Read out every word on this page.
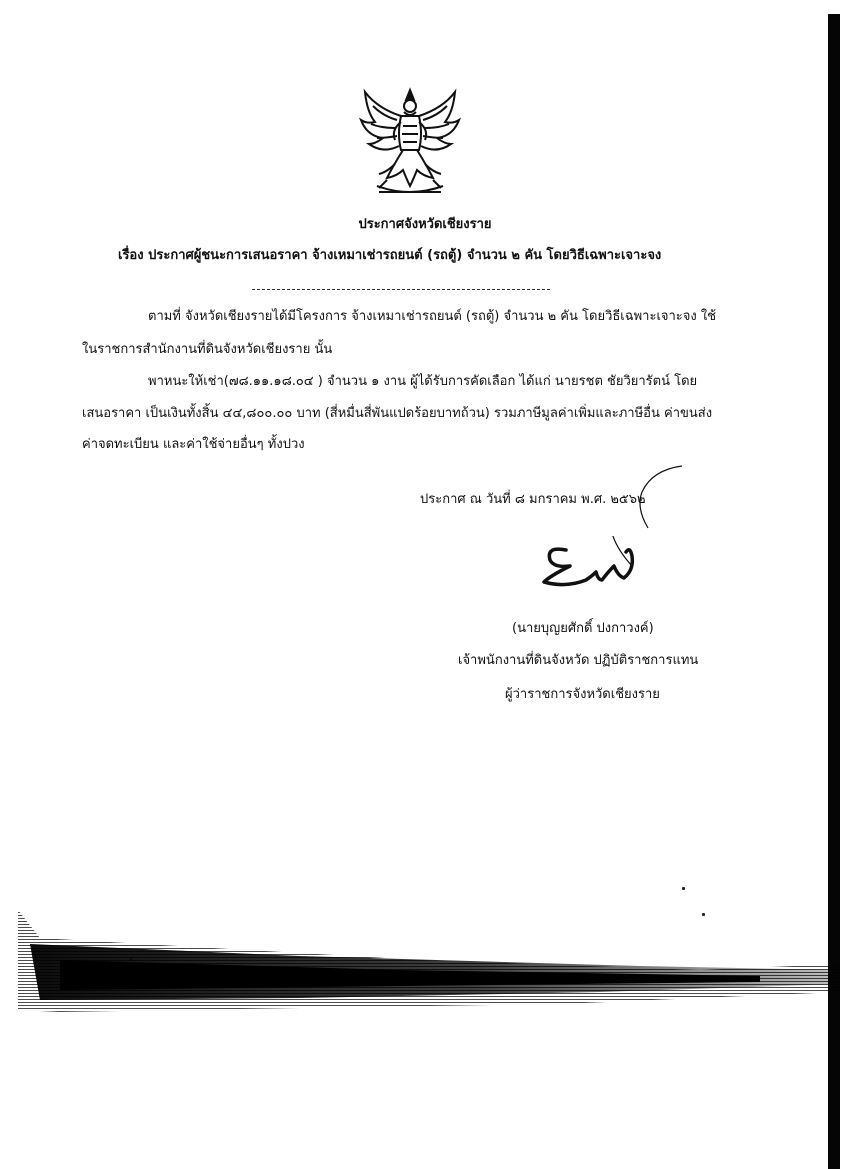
ประกาศจังหวัดเชียงราย
เรื่อง ประกาศผู้ชนะการเสนอราคา จ้างเหมาเช่ารถยนต์ (รถตู้) จำนวน ๒ คัน โดยวิธีเฉพาะเจาะจง
ตามที่ จังหวัดเชียงรายได้มีโครงการ จ้างเหมาเช่ารถยนต์ (รถตู้) จำนวน ๒ คัน โดยวิธีเฉพาะเจาะจง ใช้
ในราชการสำนักงานที่ดินจังหวัดเชียงราย นั้น
พาหนะให้เช่า(๗๘.๑๑.๑๘.๐๔ ) จำนวน ๑ งาน ผู้ได้รับการคัดเลือก ได้แก่ นายรชต ชัยวิยารัตน์ โดย
เสนอราคา เป็นเงินทั้งสิ้น ๔๔,๘๐๐.๐๐ บาท (สี่หมื่นสี่พันแปดร้อยบาทถ้วน) รวมภาษีมูลค่าเพิ่มและภาษีอื่น ค่าขนส่ง
ค่าจดทะเบียน และค่าใช้จ่ายอื่นๆ ทั้งปวง
ประกาศ ณ วันที่ ๘ มกราคม พ.ศ. ๒๕๖๒
(นายบุญยศักดิ์ ปงกาวงค์)
เจ้าพนักงานที่ดินจังหวัด ปฏิบัติราชการแทน
ผู้ว่าราชการจังหวัดเชียงราย
